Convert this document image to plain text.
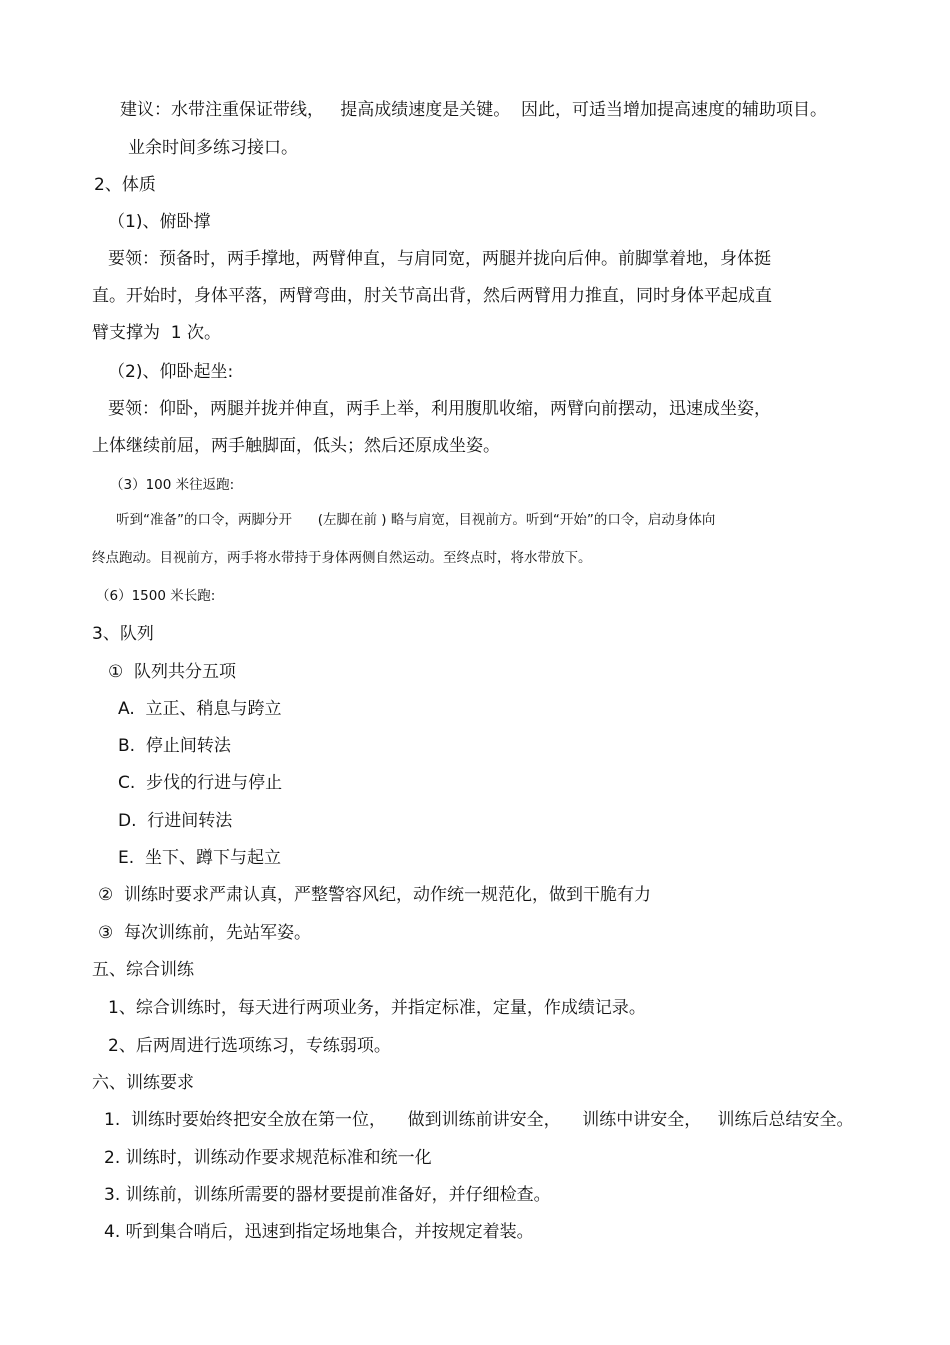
建议：水带注重保证带线，   提高成绩速度是关键。  因此，可适当增加提高速度的辅助项目。
业余时间多练习接口。
2、体质
（1)、俯卧撑
要领：预备时，两手撑地，两臂伸直，与肩同宽，两腿并拢向后伸。前脚掌着地，身体挺
直。开始时，身体平落，两臂弯曲，肘关节高出背，然后两臂用力推直，同时身体平起成直
臂支撑为  1 次。
（2)、仰卧起坐:
要领：仰卧，两腿并拢并伸直，两手上举，利用腹肌收缩，两臂向前摆动，迅速成坐姿，
上体继续前屈，两手触脚面，低头；然后还原成坐姿。
（3）100 米往返跑:
听到“准备”的口令，两脚分开      (左脚在前 ) 略与肩宽，目视前方。听到“开始”的口令，启动身体向
终点跑动。目视前方，两手将水带持于身体两侧自然运动。至终点时，将水带放下。
（6）1500 米长跑:
3、队列
①  队列共分五项
A.  立正、稍息与跨立
B.  停止间转法
C.  步伐的行进与停止
D.  行进间转法
E.  坐下、蹲下与起立
②  训练时要求严肃认真，严整警容风纪，动作统一规范化，做到干脆有力
③  每次训练前，先站军姿。
五、综合训练
1、综合训练时，每天进行两项业务，并指定标准，定量，作成绩记录。
2、后两周进行选项练习，专练弱项。
六、训练要求
1.  训练时要始终把安全放在第一位，    做到训练前讲安全，    训练中讲安全，   训练后总结安全。
2. 训练时，训练动作要求规范标准和统一化
3. 训练前，训练所需要的器材要提前准备好，并仔细检查。
4. 听到集合哨后，迅速到指定场地集合，并按规定着装。
